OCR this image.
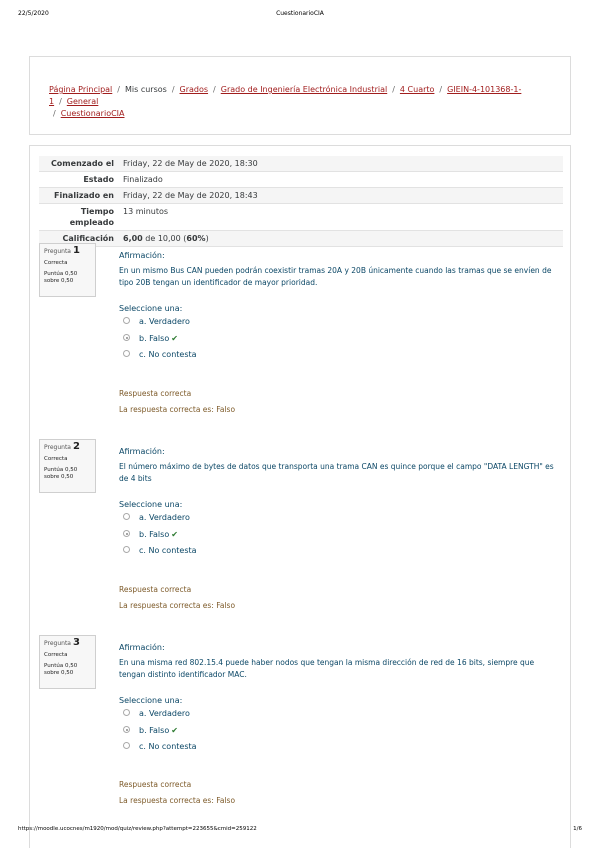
22/5/2020	CuestionarioCIA
Página Principal / Mis cursos / Grados / Grado de Ingeniería Electrónica Industrial / 4 Cuarto / GIEIN-4-101368-1-1 / General
/ CuestionarioCIA
Comenzado el	Friday, 22 de May de 2020, 18:30
Estado	Finalizado
Finalizado en	Friday, 22 de May de 2020, 18:43
Tiempo empleado	13 minutos
Calificación	6,00 de 10,00 (60%)
Pregunta 1
Correcta
Puntúa 0,50 sobre 0,50
Afirmación:
En un mismo Bus CAN pueden podrán coexistir tramas 20A y 20B únicamente cuando las tramas que se envíen de tipo 20B tengan un identificador de mayor prioridad.
Seleccione una:
a. Verdadero
b. Falso ✔
c. No contesta
Respuesta correcta
La respuesta correcta es: Falso
Pregunta 2
Correcta
Puntúa 0,50 sobre 0,50
Afirmación:
El número máximo de bytes de datos que transporta una trama CAN es quince porque el campo "DATA LENGTH" es de 4 bits
Seleccione una:
a. Verdadero
b. Falso ✔
c. No contesta
Respuesta correcta
La respuesta correcta es: Falso
Pregunta 3
Correcta
Puntúa 0,50 sobre 0,50
Afirmación:
En una misma red 802.15.4 puede haber nodos que tengan la misma dirección de red de 16 bits, siempre que tengan distinto identificador MAC.
Seleccione una:
a. Verdadero
b. Falso ✔
c. No contesta
Respuesta correcta
La respuesta correcta es: Falso
https://moodle.ucocnes/m1920/mod/quiz/review.php?attempt=223655&cmid=259122	1/6
